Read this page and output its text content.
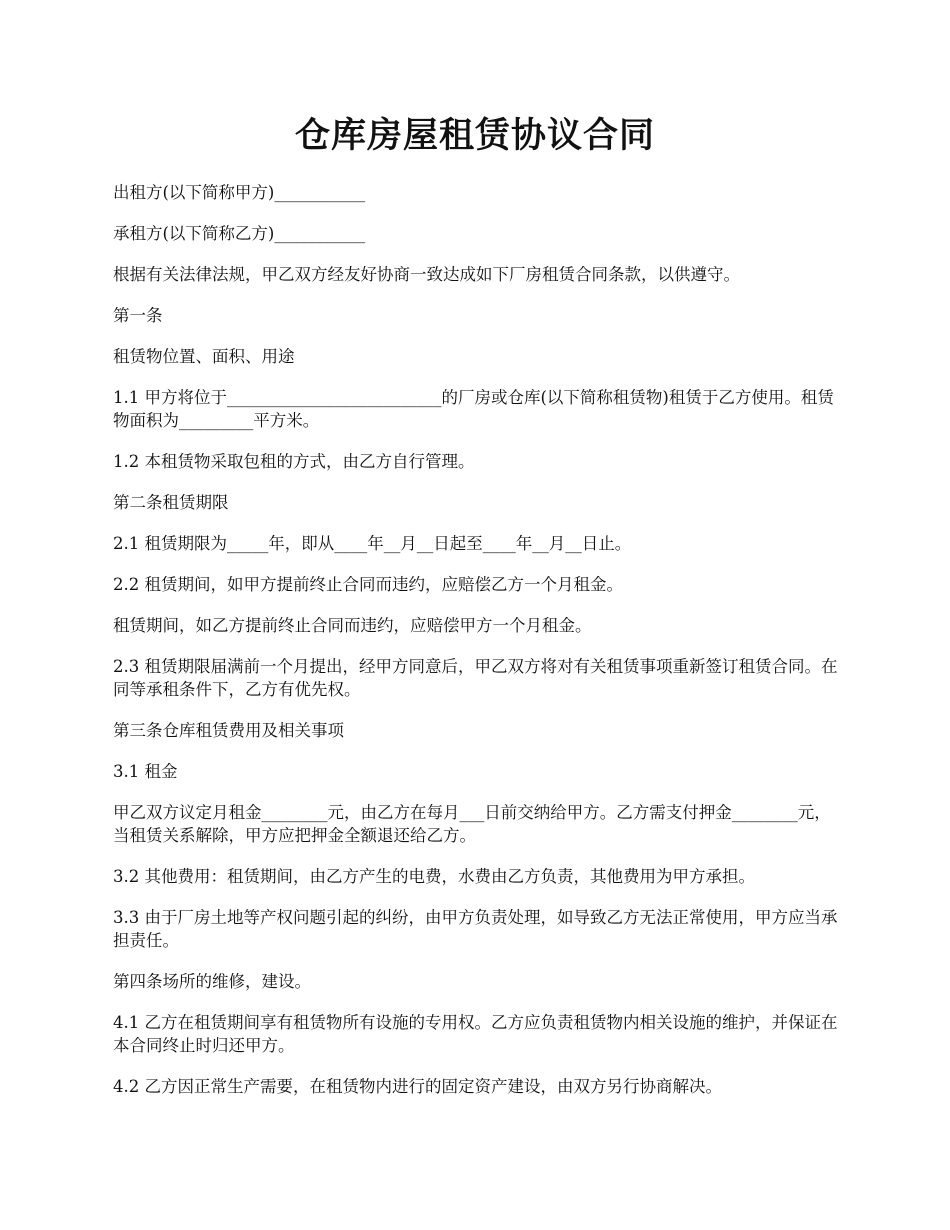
仓库房屋租赁协议合同

出租方(以下简称甲方)___________

承租方(以下简称乙方)___________

根据有关法律法规，甲乙双方经友好协商一致达成如下厂房租赁合同条款，以供遵守。

第一条

租赁物位置、面积、用途

1.1 甲方将位于__________________________的厂房或仓库(以下简称租赁物)租赁于乙方使用。租赁物面积为_________平方米。

1.2 本租赁物采取包租的方式，由乙方自行管理。

第二条租赁期限

2.1 租赁期限为_____年，即从____年__月__日起至____年__月__日止。

2.2 租赁期间，如甲方提前终止合同而违约，应赔偿乙方一个月租金。

租赁期间，如乙方提前终止合同而违约，应赔偿甲方一个月租金。

2.3 租赁期限届满前一个月提出，经甲方同意后，甲乙双方将对有关租赁事项重新签订租赁合同。在同等承租条件下，乙方有优先权。

第三条仓库租赁费用及相关事项

3.1 租金

甲乙双方议定月租金________元，由乙方在每月___日前交纳给甲方。乙方需支付押金________元，当租赁关系解除，甲方应把押金全额退还给乙方。

3.2 其他费用：租赁期间，由乙方产生的电费，水费由乙方负责，其他费用为甲方承担。

3.3 由于厂房土地等产权问题引起的纠纷，由甲方负责处理，如导致乙方无法正常使用，甲方应当承担责任。

第四条场所的维修，建设。

4.1 乙方在租赁期间享有租赁物所有设施的专用权。乙方应负责租赁物内相关设施的维护，并保证在本合同终止时归还甲方。

4.2 乙方因正常生产需要，在租赁物内进行的固定资产建设，由双方另行协商解决。
